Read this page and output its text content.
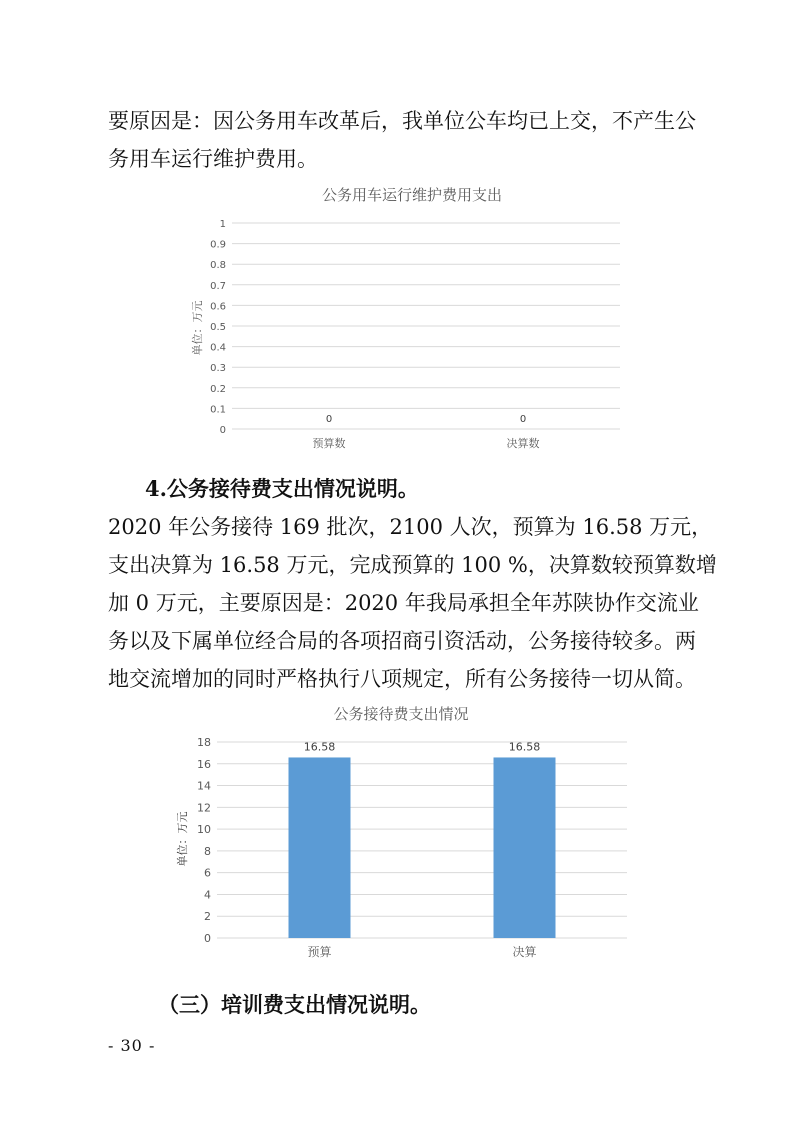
要原因是：因公务用车改革后，我单位公车均已上交，不产生公
务用车运行维护费用。
公务用车运行维护费用支出
单位：万元
0
0.1
0.2
0.3
0.4
0.5
0.6
0.7
0.8
0.9
1
预算数	决算数
0	0
4.公务接待费支出情况说明。
2020 年公务接待 169 批次，2100 人次，预算为 16.58 万元，
支出决算为 16.58 万元，完成预算的 100 %，决算数较预算数增
加 0 万元，主要原因是：2020 年我局承担全年苏陕协作交流业
务以及下属单位经合局的各项招商引资活动，公务接待较多。两
地交流增加的同时严格执行八项规定，所有公务接待一切从简。
公务接待费支出情况
单位：万元
0
2
4
6
8
10
12
14
16
18
预算	决算
16.58	16.58
（三）培训费支出情况说明。
- 30 -
